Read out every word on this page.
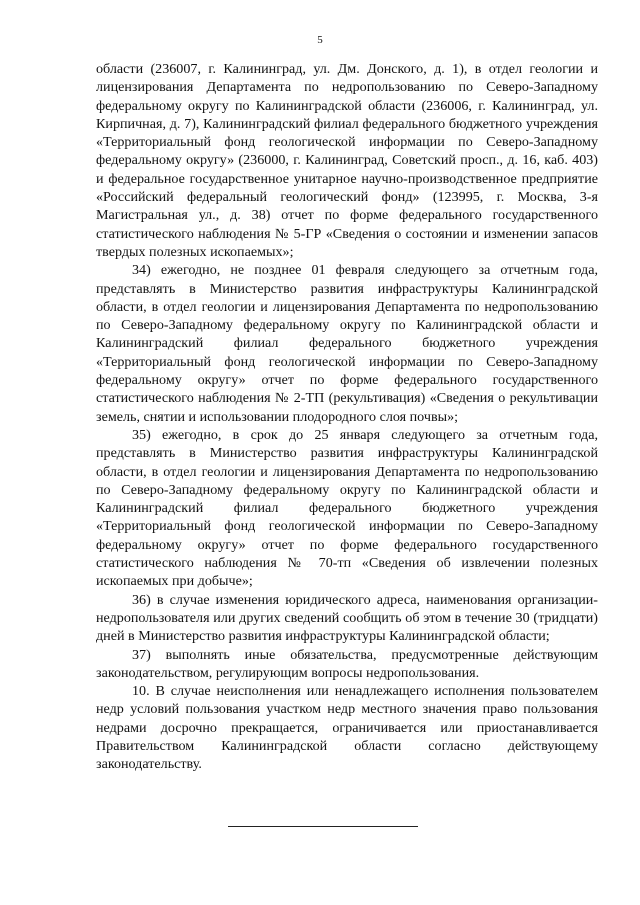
5

области (236007, г. Калининград, ул. Дм. Донского, д. 1), в отдел геологии и лицензирования Департамента по недропользованию по Северо-Западному федеральному округу по Калининградской области (236006, г. Калининград, ул. Кирпичная, д. 7), Калининградский филиал федерального бюджетного учреждения «Территориальный фонд геологической информации по Северо-Западному федеральному округу» (236000, г. Калининград, Советский просп., д. 16, каб. 403) и федеральное государственное унитарное научно-производственное предприятие «Российский федеральный геологический фонд» (123995, г. Москва, 3-я Магистральная ул., д. 38) отчет по форме федерального государственного статистического наблюдения № 5-ГР «Сведения о состоянии и изменении запасов твердых полезных ископаемых»;

34) ежегодно, не позднее 01 февраля следующего за отчетным года, представлять в Министерство развития инфраструктуры Калининградской области, в отдел геологии и лицензирования Департамента по недропользованию по Северо-Западному федеральному округу по Калининградской области и Калининградский филиал федерального бюджетного учреждения «Территориальный фонд геологической информации по Северо-Западному федеральному округу» отчет по форме федерального государственного статистического наблюдения № 2-ТП (рекультивация) «Сведения о рекультивации земель, снятии и использовании плодородного слоя почвы»;

35) ежегодно, в срок до 25 января следующего за отчетным года, представлять в Министерство развития инфраструктуры Калининградской области, в отдел геологии и лицензирования Департамента по недропользованию по Северо-Западному федеральному округу по Калининградской области и Калининградский филиал федерального бюджетного учреждения «Территориальный фонд геологической информации по Северо-Западному федеральному округу» отчет по форме федерального государственного статистического наблюдения № 70-тп «Сведения об извлечении полезных ископаемых при добыче»;

36) в случае изменения юридического адреса, наименования организации-недропользователя или других сведений сообщить об этом в течение 30 (тридцати) дней в Министерство развития инфраструктуры Калининградской области;

37) выполнять иные обязательства, предусмотренные действующим законодательством, регулирующим вопросы недропользования.

10. В случае неисполнения или ненадлежащего исполнения пользователем недр условий пользования участком недр местного значения право пользования недрами досрочно прекращается, ограничивается или приостанавливается Правительством Калининградской области согласно действующему законодательству.
